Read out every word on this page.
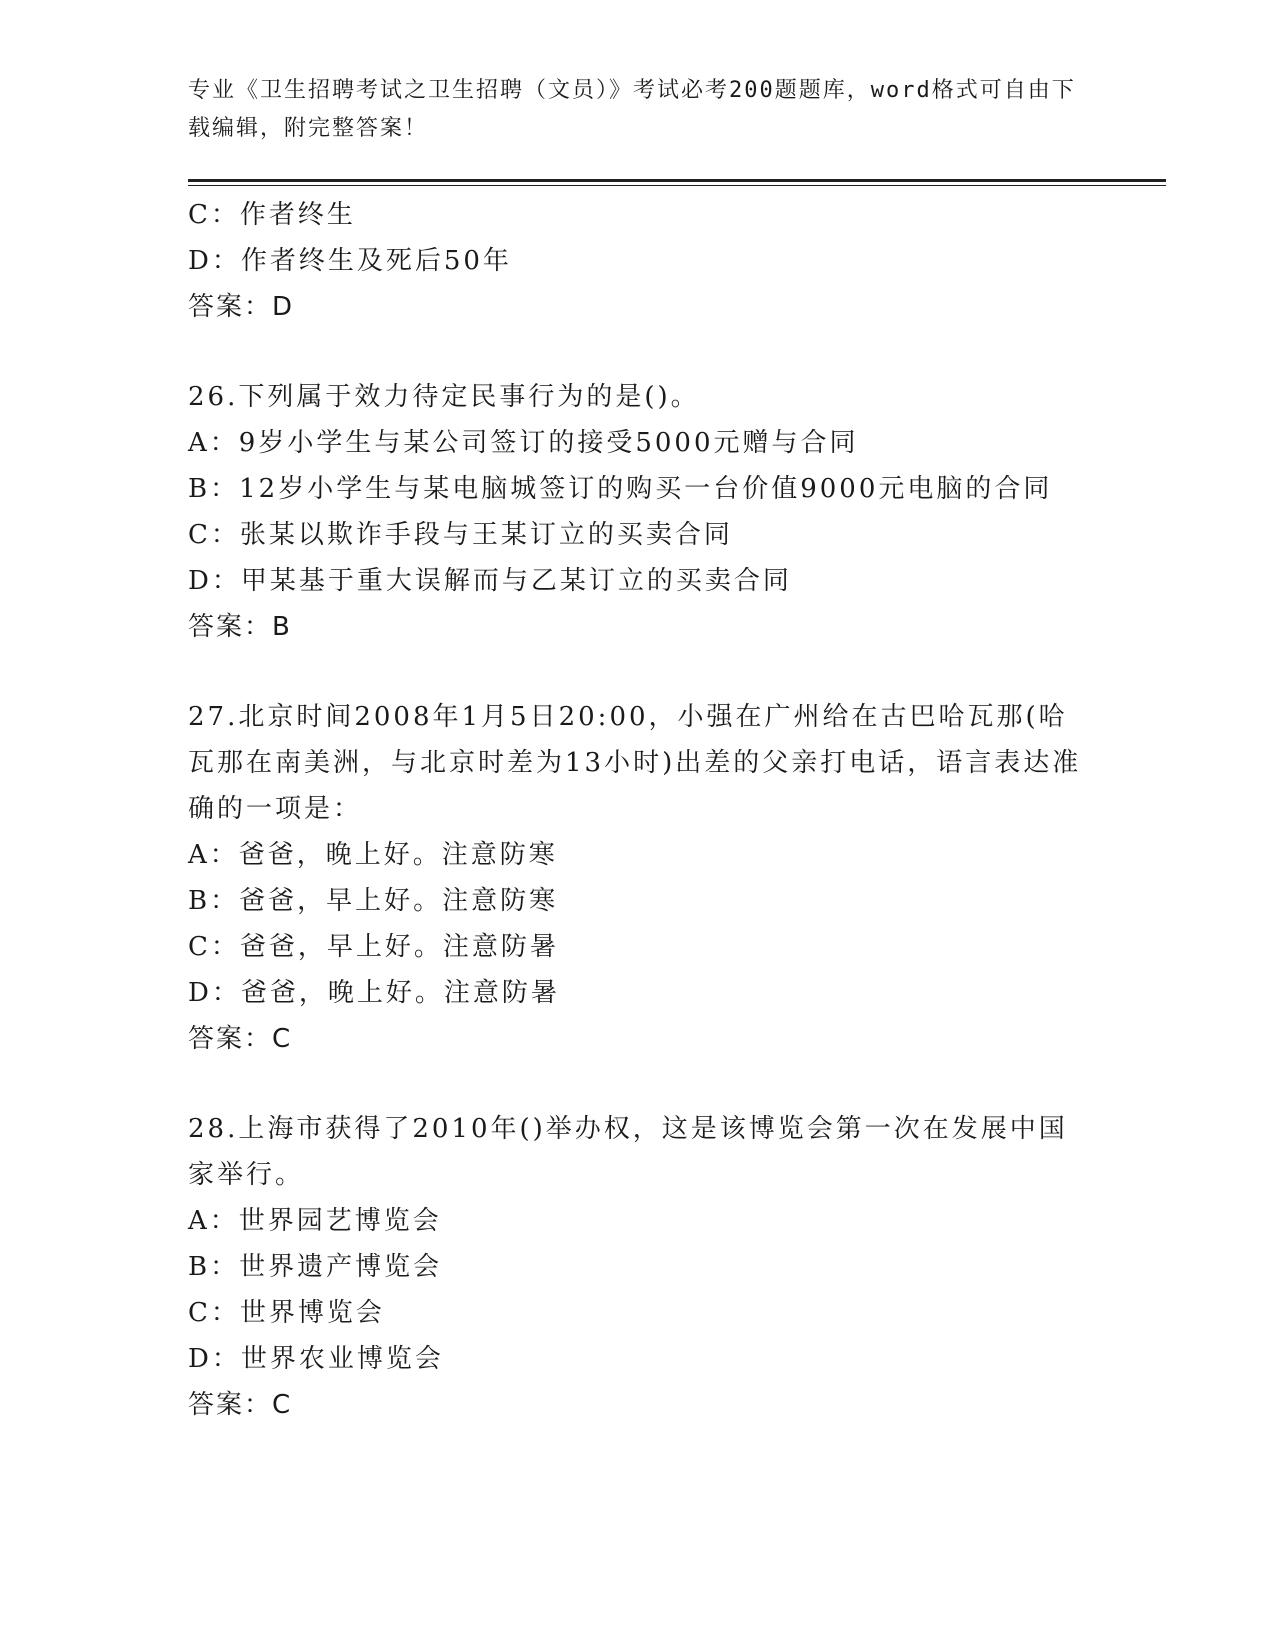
专业《卫生招聘考试之卫生招聘（文员）》考试必考200题题库，word格式可自由下载编辑，附完整答案！
C：作者终生
D：作者终生及死后50年
答案：D
26.下列属于效力待定民事行为的是()。
A：9岁小学生与某公司签订的接受5000元赠与合同
B：12岁小学生与某电脑城签订的购买一台价值9000元电脑的合同
C：张某以欺诈手段与王某订立的买卖合同
D：甲某基于重大误解而与乙某订立的买卖合同
答案：B
27.北京时间2008年1月5日20:00，小强在广州给在古巴哈瓦那(哈瓦那在南美洲，与北京时差为13小时)出差的父亲打电话，语言表达准确的一项是：
A：爸爸，晚上好。注意防寒
B：爸爸，早上好。注意防寒
C：爸爸，早上好。注意防暑
D：爸爸，晚上好。注意防暑
答案：C
28.上海市获得了2010年()举办权，这是该博览会第一次在发展中国家举行。
A：世界园艺博览会
B：世界遗产博览会
C：世界博览会
D：世界农业博览会
答案：C
